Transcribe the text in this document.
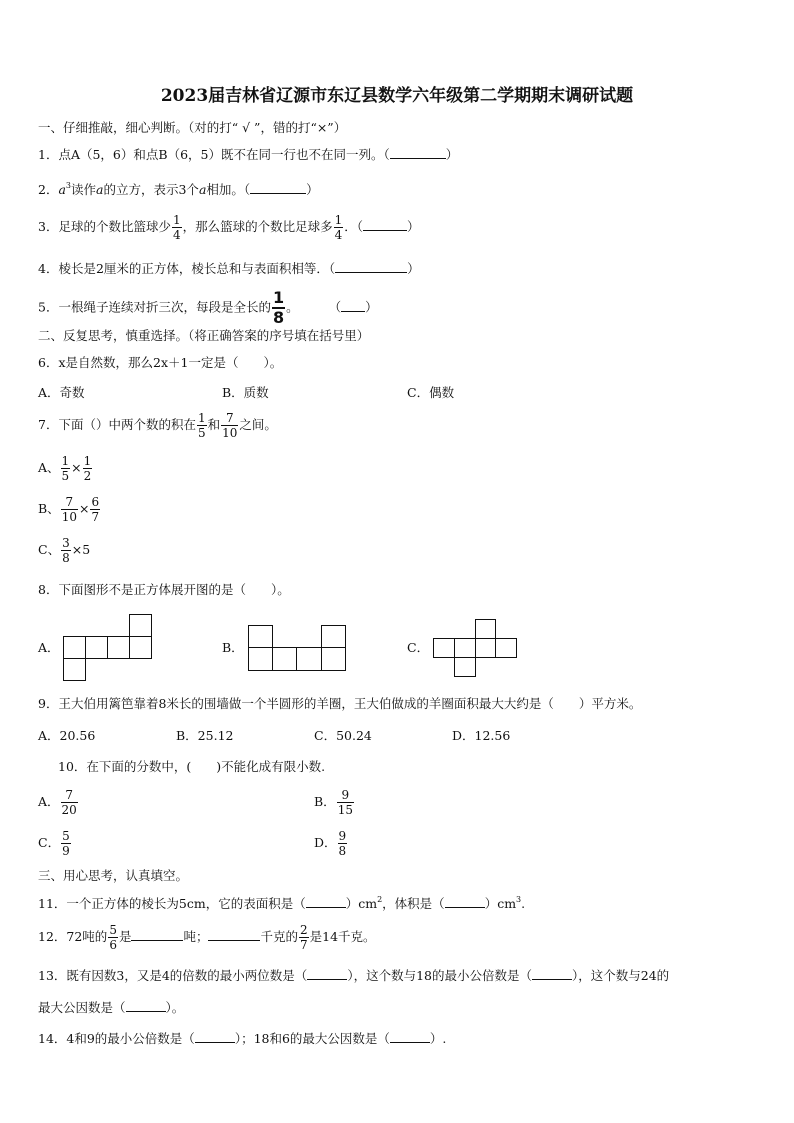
2023届吉林省辽源市东辽县数学六年级第二学期期末调研试题
一、仔细推敲，细心判断。（对的打“ √ ”，错的打“×”）
1．点A（5，6）和点B（6，5）既不在同一行也不在同一列。（	）
2．$a^3$读作a的立方，表示3个a相加。（	）
3．足球的个数比篮球少 $\frac{1}{4}$ ，那么篮球的个数比足球多 $\frac{1}{4}$ ．（	）
4．棱长是2厘米的正方体，棱长总和与表面积相等．（	）
5．一根绳子连续对折三次，每段是全长的 $\frac{1}{8}$ 。 （ ）
二、反复思考，慎重选择。（将正确答案的序号填在括号里）
6．x是自然数，那么2x＋1一定是（　　）。
A．奇数	B．质数	C．偶数
7．下面（）中两个数的积在 $\frac{1}{5}$ 和 $\frac{7}{10}$ 之间。
A、 $\frac{1}{5} \times \frac{1}{2}$
B、 $\frac{7}{10} \times \frac{6}{7}$
C、 $\frac{3}{8} \times 5$
8．下面图形不是正方体展开图的是（　　）。
A．	B．	C．
9．王大伯用篱笆靠着8米长的围墙做一个半圆形的羊圈，王大伯做成的羊圈面积最大大约是（　　）平方米。
A．20.56	B．25.12	C．50.24	D．12.56
10．在下面的分数中，(　　)不能化成有限小数.
A． $\frac{7}{20}$	B． $\frac{9}{15}$
C． $\frac{5}{9}$	D． $\frac{9}{8}$
三、用心思考，认真填空。
11．一个正方体的棱长为5cm，它的表面积是（	）$cm^2$，体积是（	）$cm^3$.
12．72吨的 $\frac{5}{6}$ 是	吨；	千克的 $\frac{2}{7}$ 是14千克。
13．既有因数3，又是4的倍数的最小两位数是（	），这个数与18的最小公倍数是（	），这个数与24的
最大公因数是（	）。
14．4和9的最小公倍数是（	）；18和6的最大公因数是（	）.
